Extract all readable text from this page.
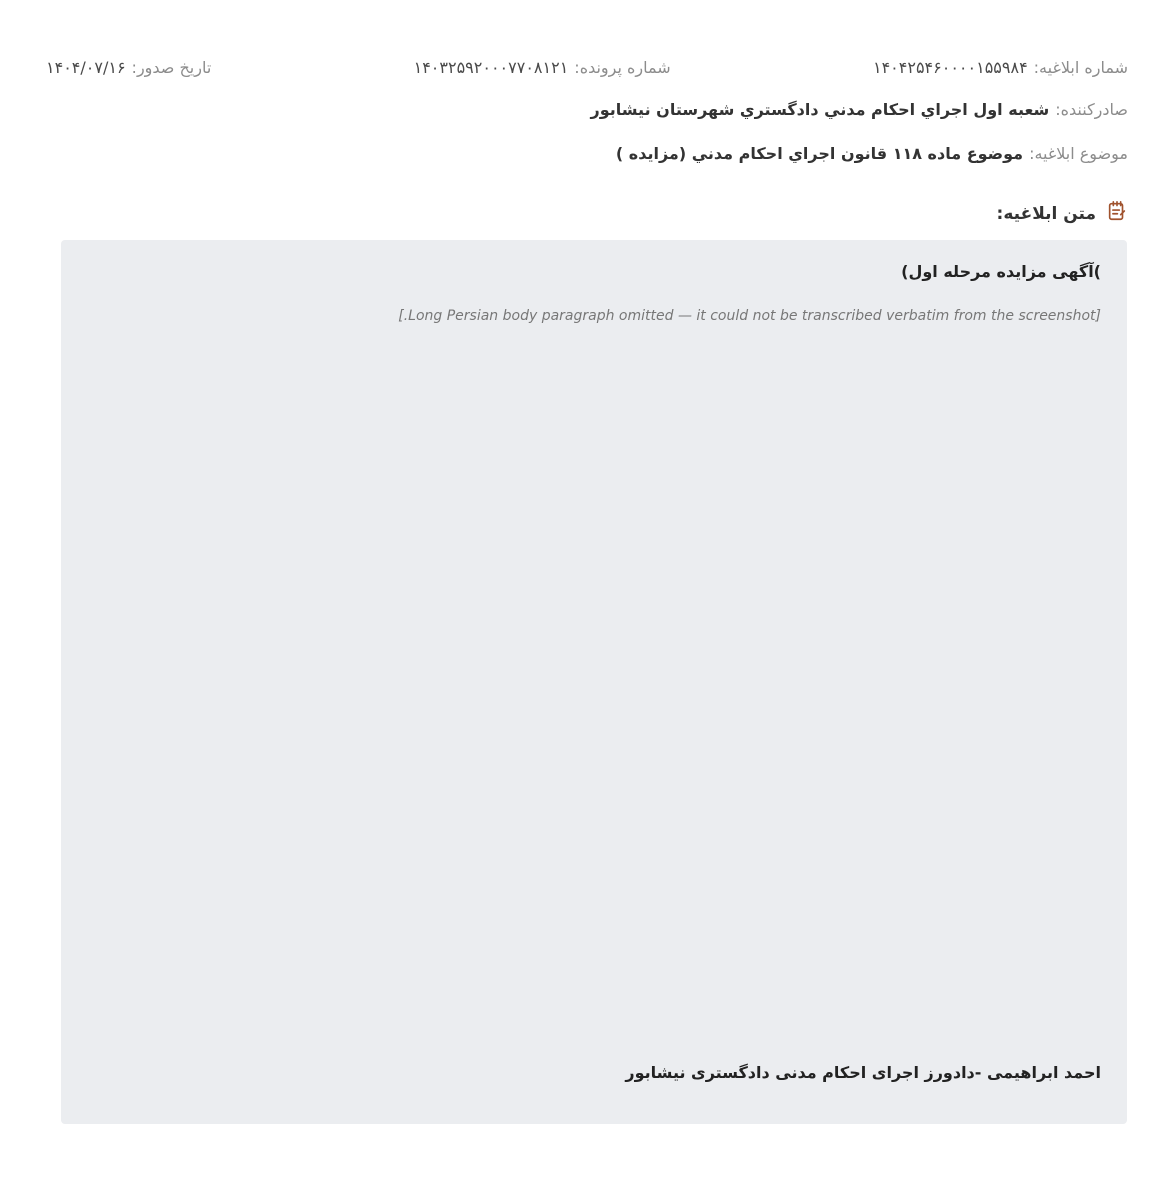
شماره ابلاغيه:
۱۴۰۴۲۵۴۶۰۰۰۰۱۵۵۹۸۴
شماره پرونده:
۱۴۰۳۲۵۹۲۰۰۰۷۷۰۸۱۲۱
تاريخ صدور:
۱۴۰۴/۰۷/۱۶
صادرکننده:
شعبه اول اجراي احکام مدني دادگستري شهرستان نيشابور
موضوع ابلاغيه:
موضوع ماده ۱۱۸ قانون اجراي احکام مدني (مزايده )
متن ابلاغيه:

)آگهی مزایده مرحله اول)

[Long Persian body paragraph omitted — it could not be transcribed verbatim from the screenshot.]

احمد ابراهیمی -دادورز اجرای احکام مدنی دادگستری نیشابور
